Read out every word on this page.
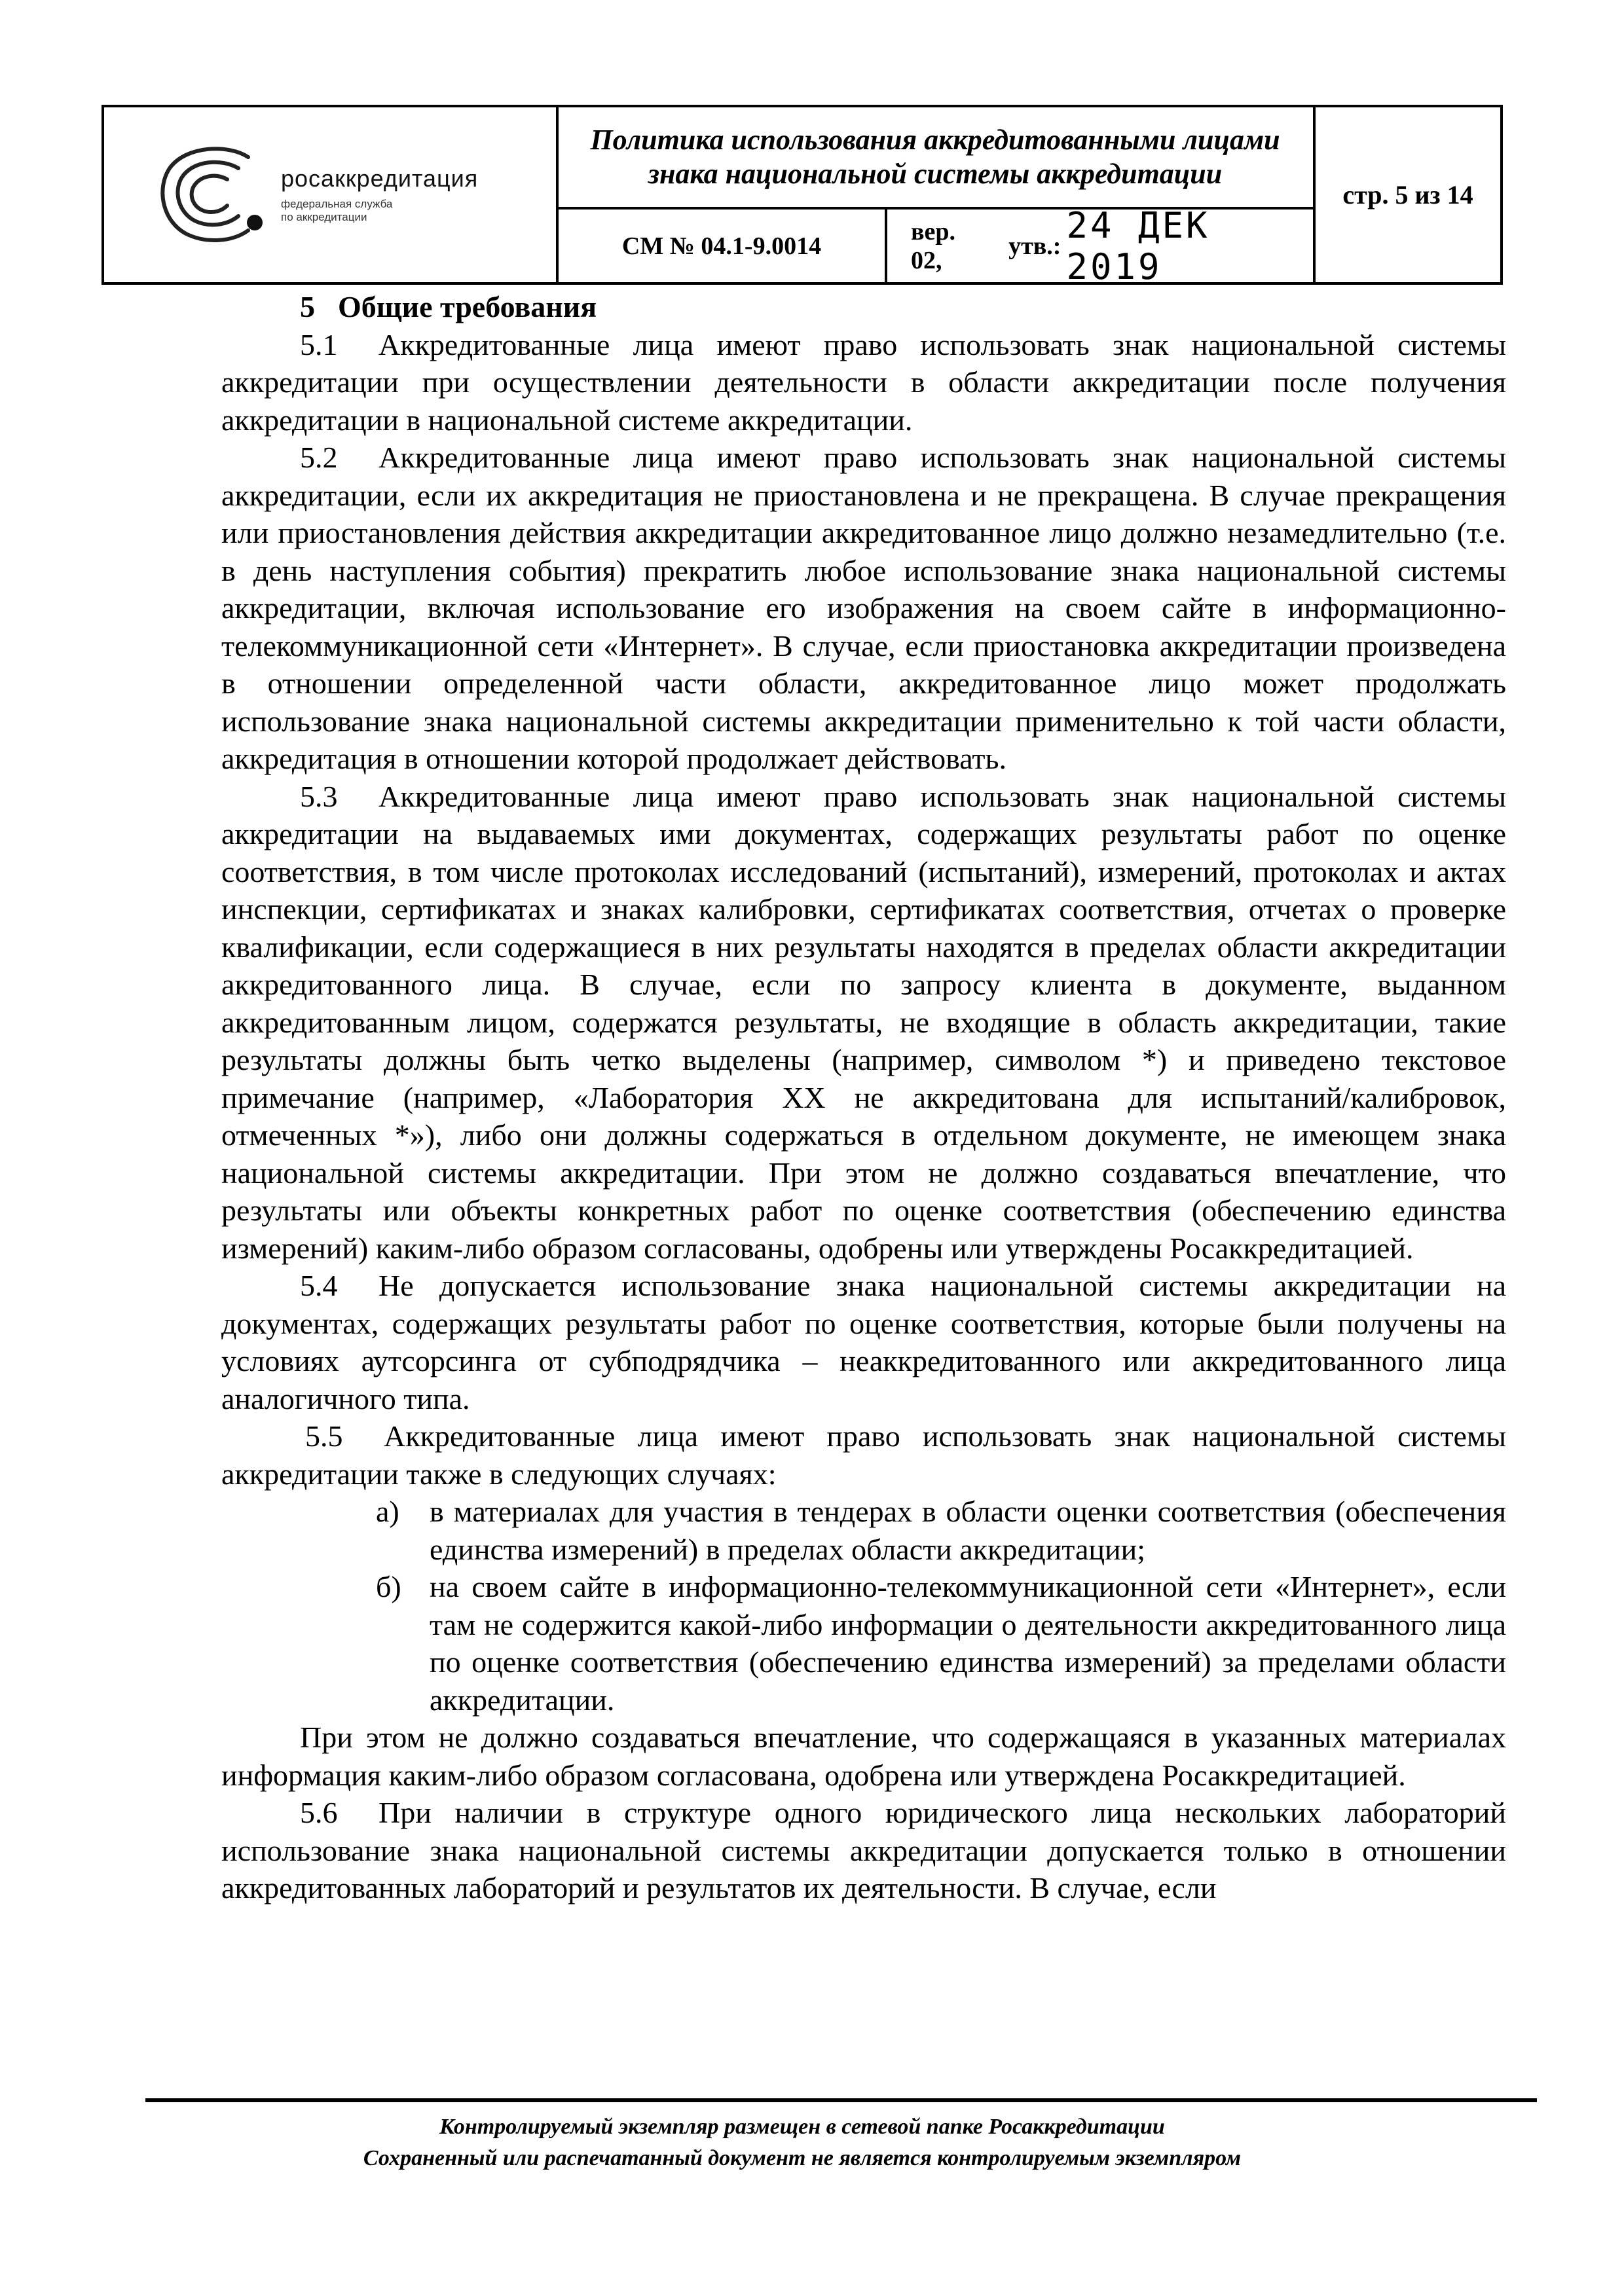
росаккредитация
федеральная служба
по аккредитации
Политика использования аккредитованными лицами
знака национальной системы аккредитации
СМ № 04.1-9.0014
вер. 02,
утв.: 24 ДЕК 2019
стр. 5 из 14

5 Общие требования

5.1 Аккредитованные лица имеют право использовать знак национальной системы аккредитации при осуществлении деятельности в области аккредитации после получения аккредитации в национальной системе аккредитации.

5.2 Аккредитованные лица имеют право использовать знак национальной системы аккредитации, если их аккредитация не приостановлена и не прекращена. В случае прекращения или приостановления действия аккредитации аккредитованное лицо должно незамедлительно (т.е. в день наступления события) прекратить любое использование знака национальной системы аккредитации, включая использование его изображения на своем сайте в информационно-телекоммуникационной сети «Интернет». В случае, если приостановка аккредитации произведена в отношении определенной части области, аккредитованное лицо может продолжать использование знака национальной системы аккредитации применительно к той части области, аккредитация в отношении которой продолжает действовать.

5.3 Аккредитованные лица имеют право использовать знак национальной системы аккредитации на выдаваемых ими документах, содержащих результаты работ по оценке соответствия, в том числе протоколах исследований (испытаний), измерений, протоколах и актах инспекции, сертификатах и знаках калибровки, сертификатах соответствия, отчетах о проверке квалификации, если содержащиеся в них результаты находятся в пределах области аккредитации аккредитованного лица. В случае, если по запросу клиента в документе, выданном аккредитованным лицом, содержатся результаты, не входящие в область аккредитации, такие результаты должны быть четко выделены (например, символом *) и приведено текстовое примечание (например, «Лаборатория XX не аккредитована для испытаний/калибровок, отмеченных *»), либо они должны содержаться в отдельном документе, не имеющем знака национальной системы аккредитации. При этом не должно создаваться впечатление, что результаты или объекты конкретных работ по оценке соответствия (обеспечению единства измерений) каким-либо образом согласованы, одобрены или утверждены Росаккредитацией.

5.4 Не допускается использование знака национальной системы аккредитации на документах, содержащих результаты работ по оценке соответствия, которые были получены на условиях аутсорсинга от субподрядчика – неаккредитованного или аккредитованного лица аналогичного типа.

5.5 Аккредитованные лица имеют право использовать знак национальной системы аккредитации также в следующих случаях:

а) в материалах для участия в тендерах в области оценки соответствия (обеспечения единства измерений) в пределах области аккредитации;

б) на своем сайте в информационно-телекоммуникационной сети «Интернет», если там не содержится какой-либо информации о деятельности аккредитованного лица по оценке соответствия (обеспечению единства измерений) за пределами области аккредитации.

При этом не должно создаваться впечатление, что содержащаяся в указанных материалах информация каким-либо образом согласована, одобрена или утверждена Росаккредитацией.

5.6 При наличии в структуре одного юридического лица нескольких лабораторий использование знака национальной системы аккредитации допускается только в отношении аккредитованных лабораторий и результатов их деятельности. В случае, если

Контролируемый экземпляр размещен в сетевой папке Росаккредитации
Сохраненный или распечатанный документ не является контролируемым экземпляром
